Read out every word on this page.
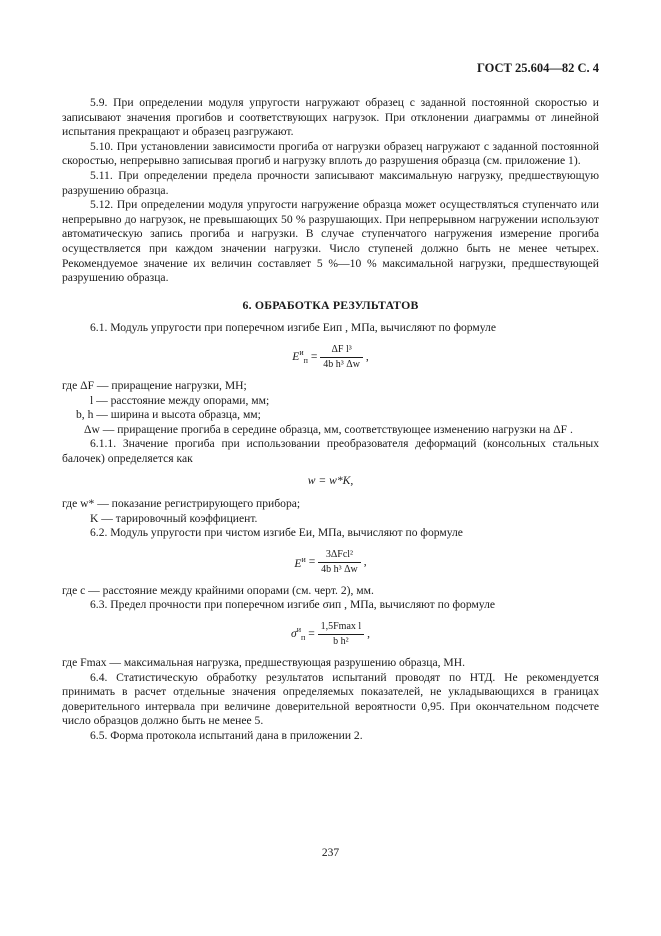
ГОСТ 25.604—82 С. 4

5.9. При определении модуля упругости нагружают образец с заданной постоянной скоростью и записывают значения прогибов и соответствующих нагрузок. При отклонении диаграммы от линейной испытания прекращают и образец разгружают.

5.10. При установлении зависимости прогиба от нагрузки образец нагружают с заданной постоянной скоростью, непрерывно записывая прогиб и нагрузку вплоть до разрушения образца (см. приложение 1).

5.11. При определении предела прочности записывают максимальную нагрузку, предшествующую разрушению образца.

5.12. При определении модуля упругости нагружение образца может осуществляться ступенчато или непрерывно до нагрузок, не превышающих 50 % разрушающих. При непрерывном нагружении используют автоматическую запись прогиба и нагрузки. В случае ступенчатого нагружения измерение прогиба осуществляется при каждом значении нагрузки. Число ступеней должно быть не менее четырех. Рекомендуемое значение их величин составляет 5 %—10 % максимальной нагрузки, предшествующей разрушению образца.

6. ОБРАБОТКА РЕЗУЛЬТАТОВ

6.1. Модуль упругости при поперечном изгибе Eип , МПа, вычисляют по формуле

$E^и_п = \frac{\text{ΔF l³}}{\text{4b h³ Δw}}$ ,

где ΔF — приращение нагрузки, МН;

l — расстояние между опорами, мм;

b, h — ширина и высота образца, мм;

Δw — приращение прогиба в середине образца, мм, соответствующее изменению нагрузки на ΔF .

6.1.1. Значение прогиба при использовании преобразователя деформаций (консольных стальных балочек) определяется как

w = w*K,

где w* — показание регистрирующего прибора;

K — тарировочный коэффициент.

6.2. Модуль упругости при чистом изгибе Eи, МПа, вычисляют по формуле

$E^и = \frac{\text{3ΔFcl²}}{\text{4b h³ Δw}}$ ,

где c — расстояние между крайними опорами (см. черт. 2), мм.

6.3. Предел прочности при поперечном изгибе σип , МПа, вычисляют по формуле

$\sigma^и_п = \frac{\text{1,5Fmax l}}{\text{b h²}}$ ,

где Fmax — максимальная нагрузка, предшествующая разрушению образца, МН.

6.4. Статистическую обработку результатов испытаний проводят по НТД. Не рекомендуется принимать в расчет отдельные значения определяемых показателей, не укладывающихся в границах доверительного интервала при величине доверительной вероятности 0,95. При окончательном подсчете число образцов должно быть не менее 5.

6.5. Форма протокола испытаний дана в приложении 2.

237
